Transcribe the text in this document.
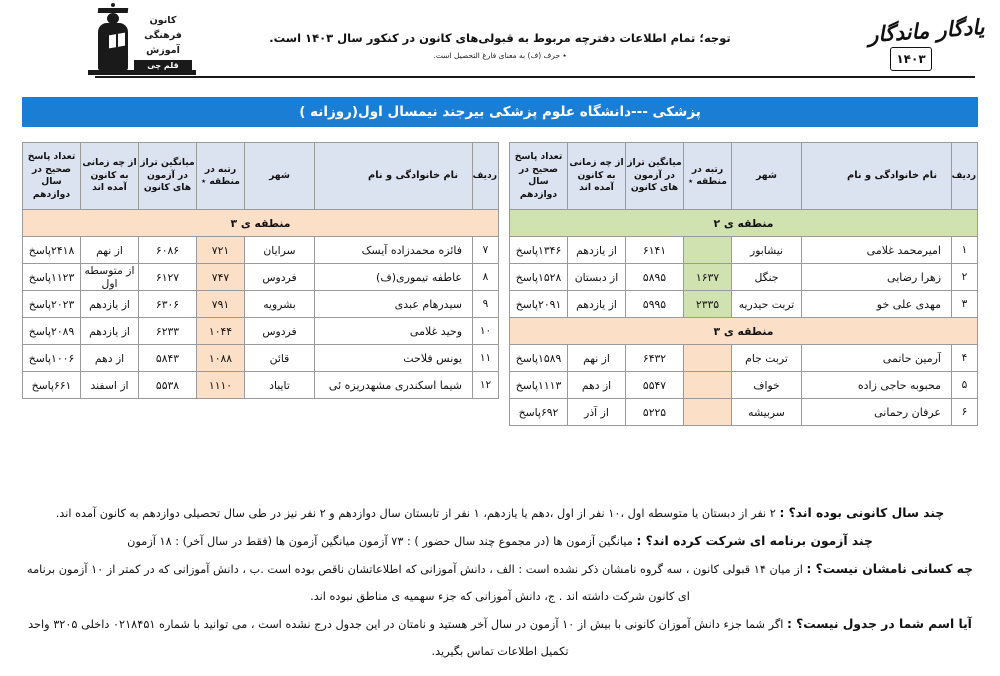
کانون
فرهنگی
آموزش
قلم چی
توجه؛ تمام اطلاعات دفترچه مربوط به قبولی‌های کانون در کنکور سال ۱۴۰۳ است.
٭ حرف (ف) به معنای فارغ التحصیل است.
یادگار ماندگار
۱۴۰۳
پزشکی ---دانشگاه علوم پزشکی بیرجند نیمسال اول(روزانه )
ردیف	نام خانوادگی و نام	شهر	رتبه در منطقه ٭	میانگین تراز در آزمون های کانون	از چه زمانی به کانون آمده اند	تعداد پاسخ صحیح در سال دوازدهم
منطقه ی ۲						
۱	امیرمحمد غلامی	نیشابور		۶۱۴۱	از یازدهم	۱۳۴۶پاسخ
۲	زهرا رضایی	جنگل	۱۶۳۷	۵۸۹۵	از دبستان	۱۵۲۸پاسخ
۳	مهدی علی خو	تربت حیدریه	۲۳۳۵	۵۹۹۵	از یازدهم	۲۰۹۱پاسخ
منطقه ی ۳						
۴	آرمین حاتمی	تربت جام		۶۴۳۲	از نهم	۱۵۸۹پاسخ
۵	محبوبه حاجی زاده	خواف		۵۵۴۷	از دهم	۱۱۱۳پاسخ
۶	عرفان رحمانی	سربیشه		۵۲۲۵	از آذر	۶۹۲پاسخ
ردیف	نام خانوادگی و نام	شهر	رتبه در منطقه ٭	میانگین تراز در آزمون های کانون	از چه زمانی به کانون آمده اند	تعداد پاسخ صحیح در سال دوازدهم
منطقه ی ۳						
۷	فائزه محمدزاده آیسک	سرایان	۷۲۱	۶۰۸۶	از نهم	۲۴۱۸پاسخ
۸	عاطفه تیموری(ف)	فردوس	۷۴۷	۶۱۲۷	از متوسطه اول	۱۱۲۳پاسخ
۹	سیدرهام عبدی	بشرویه	۷۹۱	۶۳۰۶	از یازدهم	۲۰۲۳پاسخ
۱۰	وحید غلامی	فردوس	۱۰۴۴	۶۲۳۳	از یازدهم	۲۰۸۹پاسخ
۱۱	یونس فلاحت	قائن	۱۰۸۸	۵۸۴۳	از دهم	۱۰۰۶پاسخ
۱۲	شیما اسکندری مشهدریزه ئی	تایباد	۱۱۱۰	۵۵۳۸	از اسفند	۶۶۱پاسخ

چند سال کانونی بوده اند؟ : ۲ نفر از دبستان یا متوسطه اول ،۱۰ نفر از اول ،دهم یا یازدهم، ۱ نفر از تابستان سال دوازدهم و ۲ نفر نیز در طی سال تحصیلی دوازدهم به کانون آمده اند.

چند آزمون برنامه ای شرکت کرده اند؟ : میانگین آزمون ها (در مجموع چند سال حضور ) : ۷۳ آزمون میانگین آزمون ها (فقط در سال آخر) : ۱۸ آزمون

چه کسانی نامشان نیست؟ : از میان ۱۴ قبولی کانون ، سه گروه نامشان ذکر نشده است : الف ، دانش آموزانی که اطلاعاتشان ناقص بوده است .ب ، دانش آموزانی که در کمتر از ۱۰ آزمون برنامه ای کانون شرکت داشته اند . ج، دانش آموزانی که جزء سهمیه ی مناطق نبوده اند.

آیا اسم شما در جدول نیست؟ : اگر شما جزء دانش آموزان کانونی با بیش از ۱۰ آزمون در سال آخر هستید و نامتان در این جدول درج نشده است ، می توانید با شماره ۰۲۱۸۴۵۱ داخلی ۳۲۰۵ واحد تکمیل اطلاعات تماس بگیرید.
